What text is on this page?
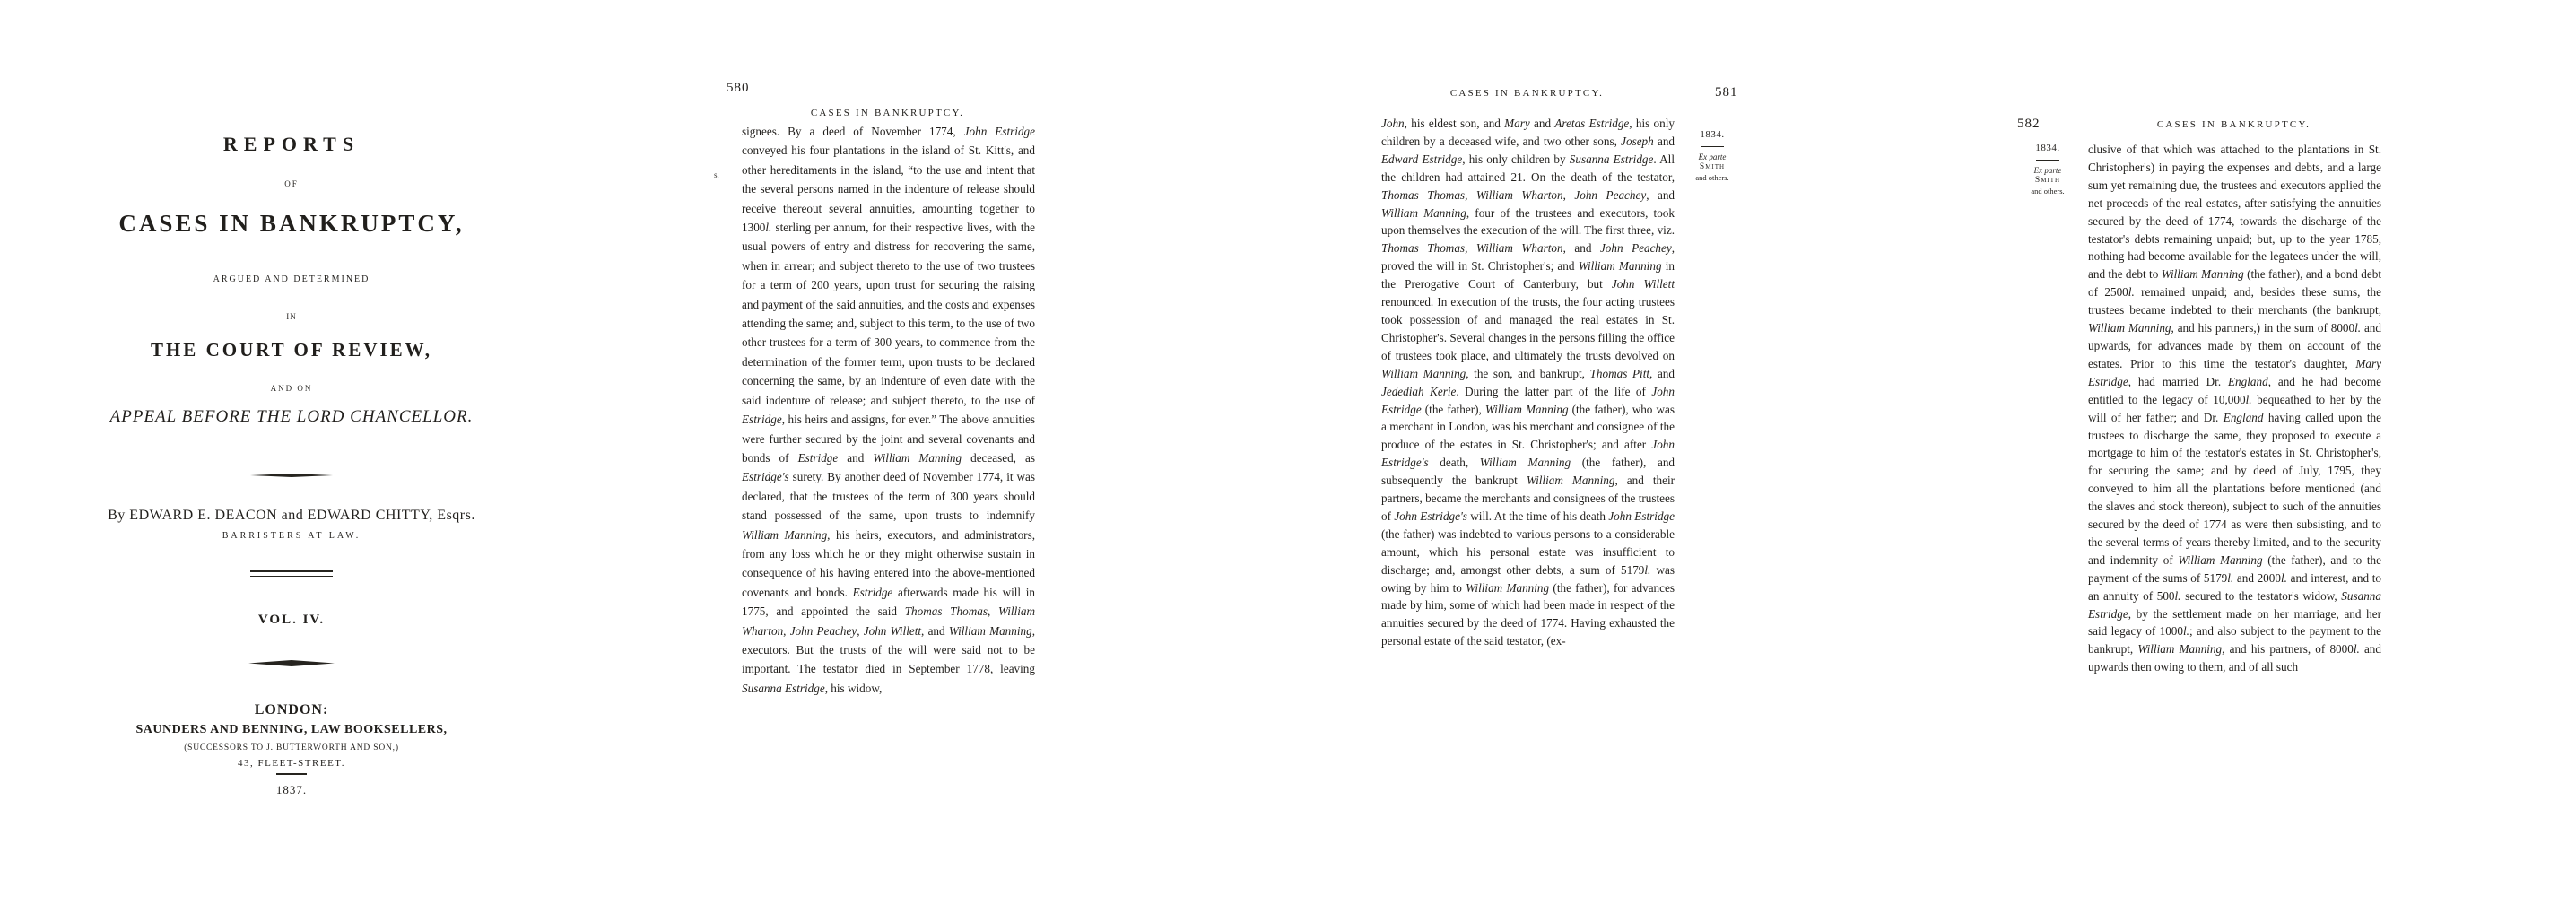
REPORTS
OF
CASES IN BANKRUPTCY,
ARGUED AND DETERMINED
IN
THE COURT OF REVIEW,
AND ON
APPEAL BEFORE THE LORD CHANCELLOR.
By EDWARD E. DEACON and EDWARD CHITTY, Esqrs.
BARRISTERS AT LAW.
VOL. IV.
LONDON:
SAUNDERS AND BENNING, LAW BOOKSELLERS,
(SUCCESSORS TO J. BUTTERWORTH AND SON,)
43, FLEET-STREET.
1837.
580
CASES IN BANKRUPTCY.
s.

signees. By a deed of November 1774, John Estridge conveyed his four plantations in the island of St. Kitt's, and other hereditaments in the island, “to the use and intent that the several persons named in the indenture of release should receive thereout several annuities, amounting together to 1300l. sterling per annum, for their respective lives, with the usual powers of entry and distress for recovering the same, when in arrear; and subject thereto to the use of two trustees for a term of 200 years, upon trust for securing the raising and payment of the said annuities, and the costs and expenses attending the same; and, subject to this term, to the use of two other trustees for a term of 300 years, to commence from the determination of the former term, upon trusts to be declared concerning the same, by an indenture of even date with the said indenture of release; and subject thereto, to the use of Estridge, his heirs and assigns, for ever.” The above annuities were further secured by the joint and several covenants and bonds of Estridge and William Manning deceased, as Estridge's surety. By another deed of November 1774, it was declared, that the trustees of the term of 300 years should stand possessed of the same, upon trusts to indemnify William Manning, his heirs, executors, and administrators, from any loss which he or they might otherwise sustain in consequence of his having entered into the above-mentioned covenants and bonds. Estridge afterwards made his will in 1775, and appointed the said Thomas Thomas, William Wharton, John Peachey, John Willett, and William Manning, executors. But the trusts of the will were said not to be important. The testator died in September 1778, leaving Susanna Estridge, his widow,

CASES IN BANKRUPTCY.	581
1834.
Ex parte
Smith
and others.

John, his eldest son, and Mary and Aretas Estridge, his only children by a deceased wife, and two other sons, Joseph and Edward Estridge, his only children by Susanna Estridge. All the children had attained 21. On the death of the testator, Thomas Thomas, William Wharton, John Peachey, and William Manning, four of the trustees and executors, took upon themselves the execution of the will. The first three, viz. Thomas Thomas, William Wharton, and John Peachey, proved the will in St. Christopher's; and William Manning in the Prerogative Court of Canterbury, but John Willett renounced. In execution of the trusts, the four acting trustees took possession of and managed the real estates in St. Christopher's. Several changes in the persons filling the office of trustees took place, and ultimately the trusts devolved on William Manning, the son, and bankrupt, Thomas Pitt, and Jedediah Kerie. During the latter part of the life of John Estridge (the father), William Manning (the father), who was a merchant in London, was his merchant and consignee of the produce of the estates in St. Christopher's; and after John Estridge's death, William Manning (the father), and subsequently the bankrupt William Manning, and their partners, became the merchants and consignees of the trustees of John Estridge's will. At the time of his death John Estridge (the father) was indebted to various persons to a considerable amount, which his personal estate was insufficient to discharge; and, amongst other debts, a sum of 5179l. was owing by him to William Manning (the father), for advances made by him, some of which had been made in respect of the annuities secured by the deed of 1774. Having exhausted the personal estate of the said testator, (ex-

582	CASES IN BANKRUPTCY.
1834.
Ex parte
Smith
and others.

clusive of that which was attached to the plantations in St. Christopher's) in paying the expenses and debts, and a large sum yet remaining due, the trustees and executors applied the net proceeds of the real estates, after satisfying the annuities secured by the deed of 1774, towards the discharge of the testator's debts remaining unpaid; but, up to the year 1785, nothing had become available for the legatees under the will, and the debt to William Manning (the father), and a bond debt of 2500l. remained unpaid; and, besides these sums, the trustees became indebted to their merchants (the bankrupt, William Manning, and his partners,) in the sum of 8000l. and upwards, for advances made by them on account of the estates. Prior to this time the testator's daughter, Mary Estridge, had married Dr. England, and he had become entitled to the legacy of 10,000l. bequeathed to her by the will of her father; and Dr. England having called upon the trustees to discharge the same, they proposed to execute a mortgage to him of the testator's estates in St. Christopher's, for securing the same; and by deed of July, 1795, they conveyed to him all the plantations before mentioned (and the slaves and stock thereon), subject to such of the annuities secured by the deed of 1774 as were then subsisting, and to the several terms of years thereby limited, and to the security and indemnity of William Manning (the father), and to the payment of the sums of 5179l. and 2000l. and interest, and to an annuity of 500l. secured to the testator's widow, Susanna Estridge, by the settlement made on her marriage, and her said legacy of 1000l.; and also subject to the payment to the bankrupt, William Manning, and his partners, of 8000l. and upwards then owing to them, and of all such
